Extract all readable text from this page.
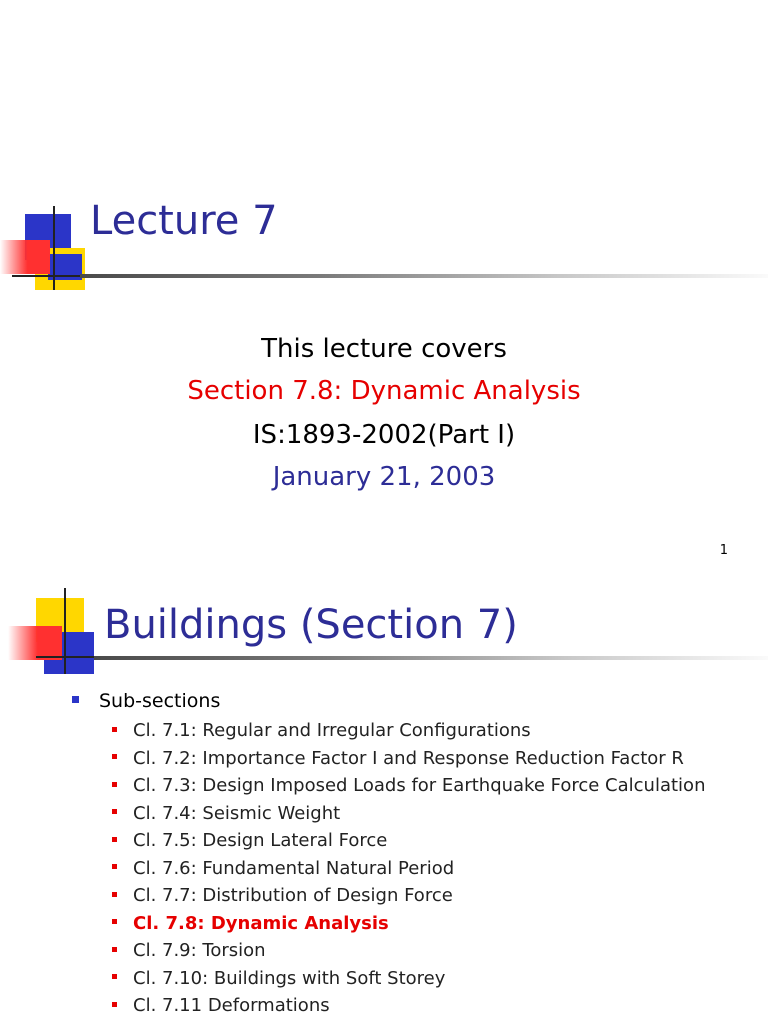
Lecture 7
This lecture covers
Section 7.8: Dynamic Analysis
IS:1893-2002(Part I)
January 21, 2003
1
Buildings (Section 7)
Sub-sections
Cl. 7.1: Regular and Irregular Configurations
Cl. 7.2: Importance Factor I and Response Reduction Factor R
Cl. 7.3: Design Imposed Loads for Earthquake Force Calculation
Cl. 7.4: Seismic Weight
Cl. 7.5: Design Lateral Force
Cl. 7.6: Fundamental Natural Period
Cl. 7.7: Distribution of Design Force
Cl. 7.8: Dynamic Analysis
Cl. 7.9: Torsion
Cl. 7.10: Buildings with Soft Storey
Cl. 7.11 Deformations
